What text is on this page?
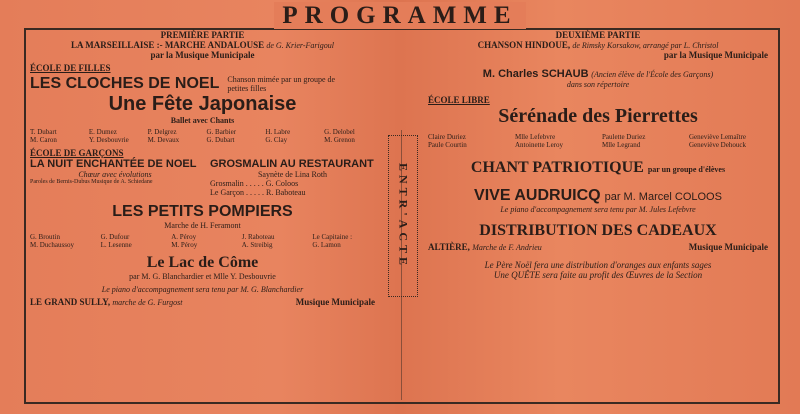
PROGRAMME
ENTR'ACTE
PREMIÈRE PARTIE
LA MARSEILLAISE :- MARCHE ANDALOUSE de G. Krier-Farigoul
par la Musique Municipale
ÉCOLE DE FILLES
LES CLOCHES DE NOEL Chanson mimée par un groupe de petites filles
Une Fête Japonaise
Ballet avec Chants
T. Dubart	E. Dumez	P. Delgrez	G. Barbier	H. Labre	G. Delobel
M. Caron	Y. Desbouvrie	M. Devaux	G. Dubart	G. Clay	M. Grenon
ÉCOLE DE GARÇONS
LA NUIT ENCHANTÉE DE NOEL
Chœur avec évolutions
Paroles de Bernis-Dubus Musique de A. Schiedane
GROSMALIN AU RESTAURANT
Saynète de Lina Roth
Grosmalin . . . . . G. Coloos
Le Garçon . . . . . R. Baboteau
LES PETITS POMPIERS
Marche de H. Feramont
G. Broutin	G. Dufour	A. Péroy	J. Raboteau	Le Capitaine :
M. Duchaussoy	L. Lesenne	M. Péroy	A. Streibig	G. Lamon
Le Lac de Côme
par M. G. Blanchardier et Mlle Y. Desbouvrie
Le piano d'accompagnement sera tenu par M. G. Blanchardier
LE GRAND SULLY, marche de G. Furgost	Musique Municipale
DEUXIÈME PARTIE
CHANSON HINDOUE, de Rimsky Korsakow, arrangé par L. Christol
par la Musique Municipale
M. Charles SCHAUB (Ancien élève de l'École des Garçons)
dans son répertoire
ÉCOLE LIBRE
Sérénade des Pierrettes
Claire Duriez	Mlle Lefebvre	Paulette Duriez	Geneviève Lemaître
Paule Courtin	Antoinette Leroy	Mlle Legrand	Geneviève Dehouck
CHANT PATRIOTIQUE par un groupe d'élèves
VIVE AUDRUICQ par M. Marcel COLOOS
Le piano d'accompagnement sera tenu par M. Jules Lefebvre
DISTRIBUTION DES CADEAUX
ALTIÈRE, Marche de F. Andrieu	Musique Municipale
Le Père Noël fera une distribution d'oranges aux enfants sages
Une QUÊTE sera faite au profit des Œuvres de la Section
